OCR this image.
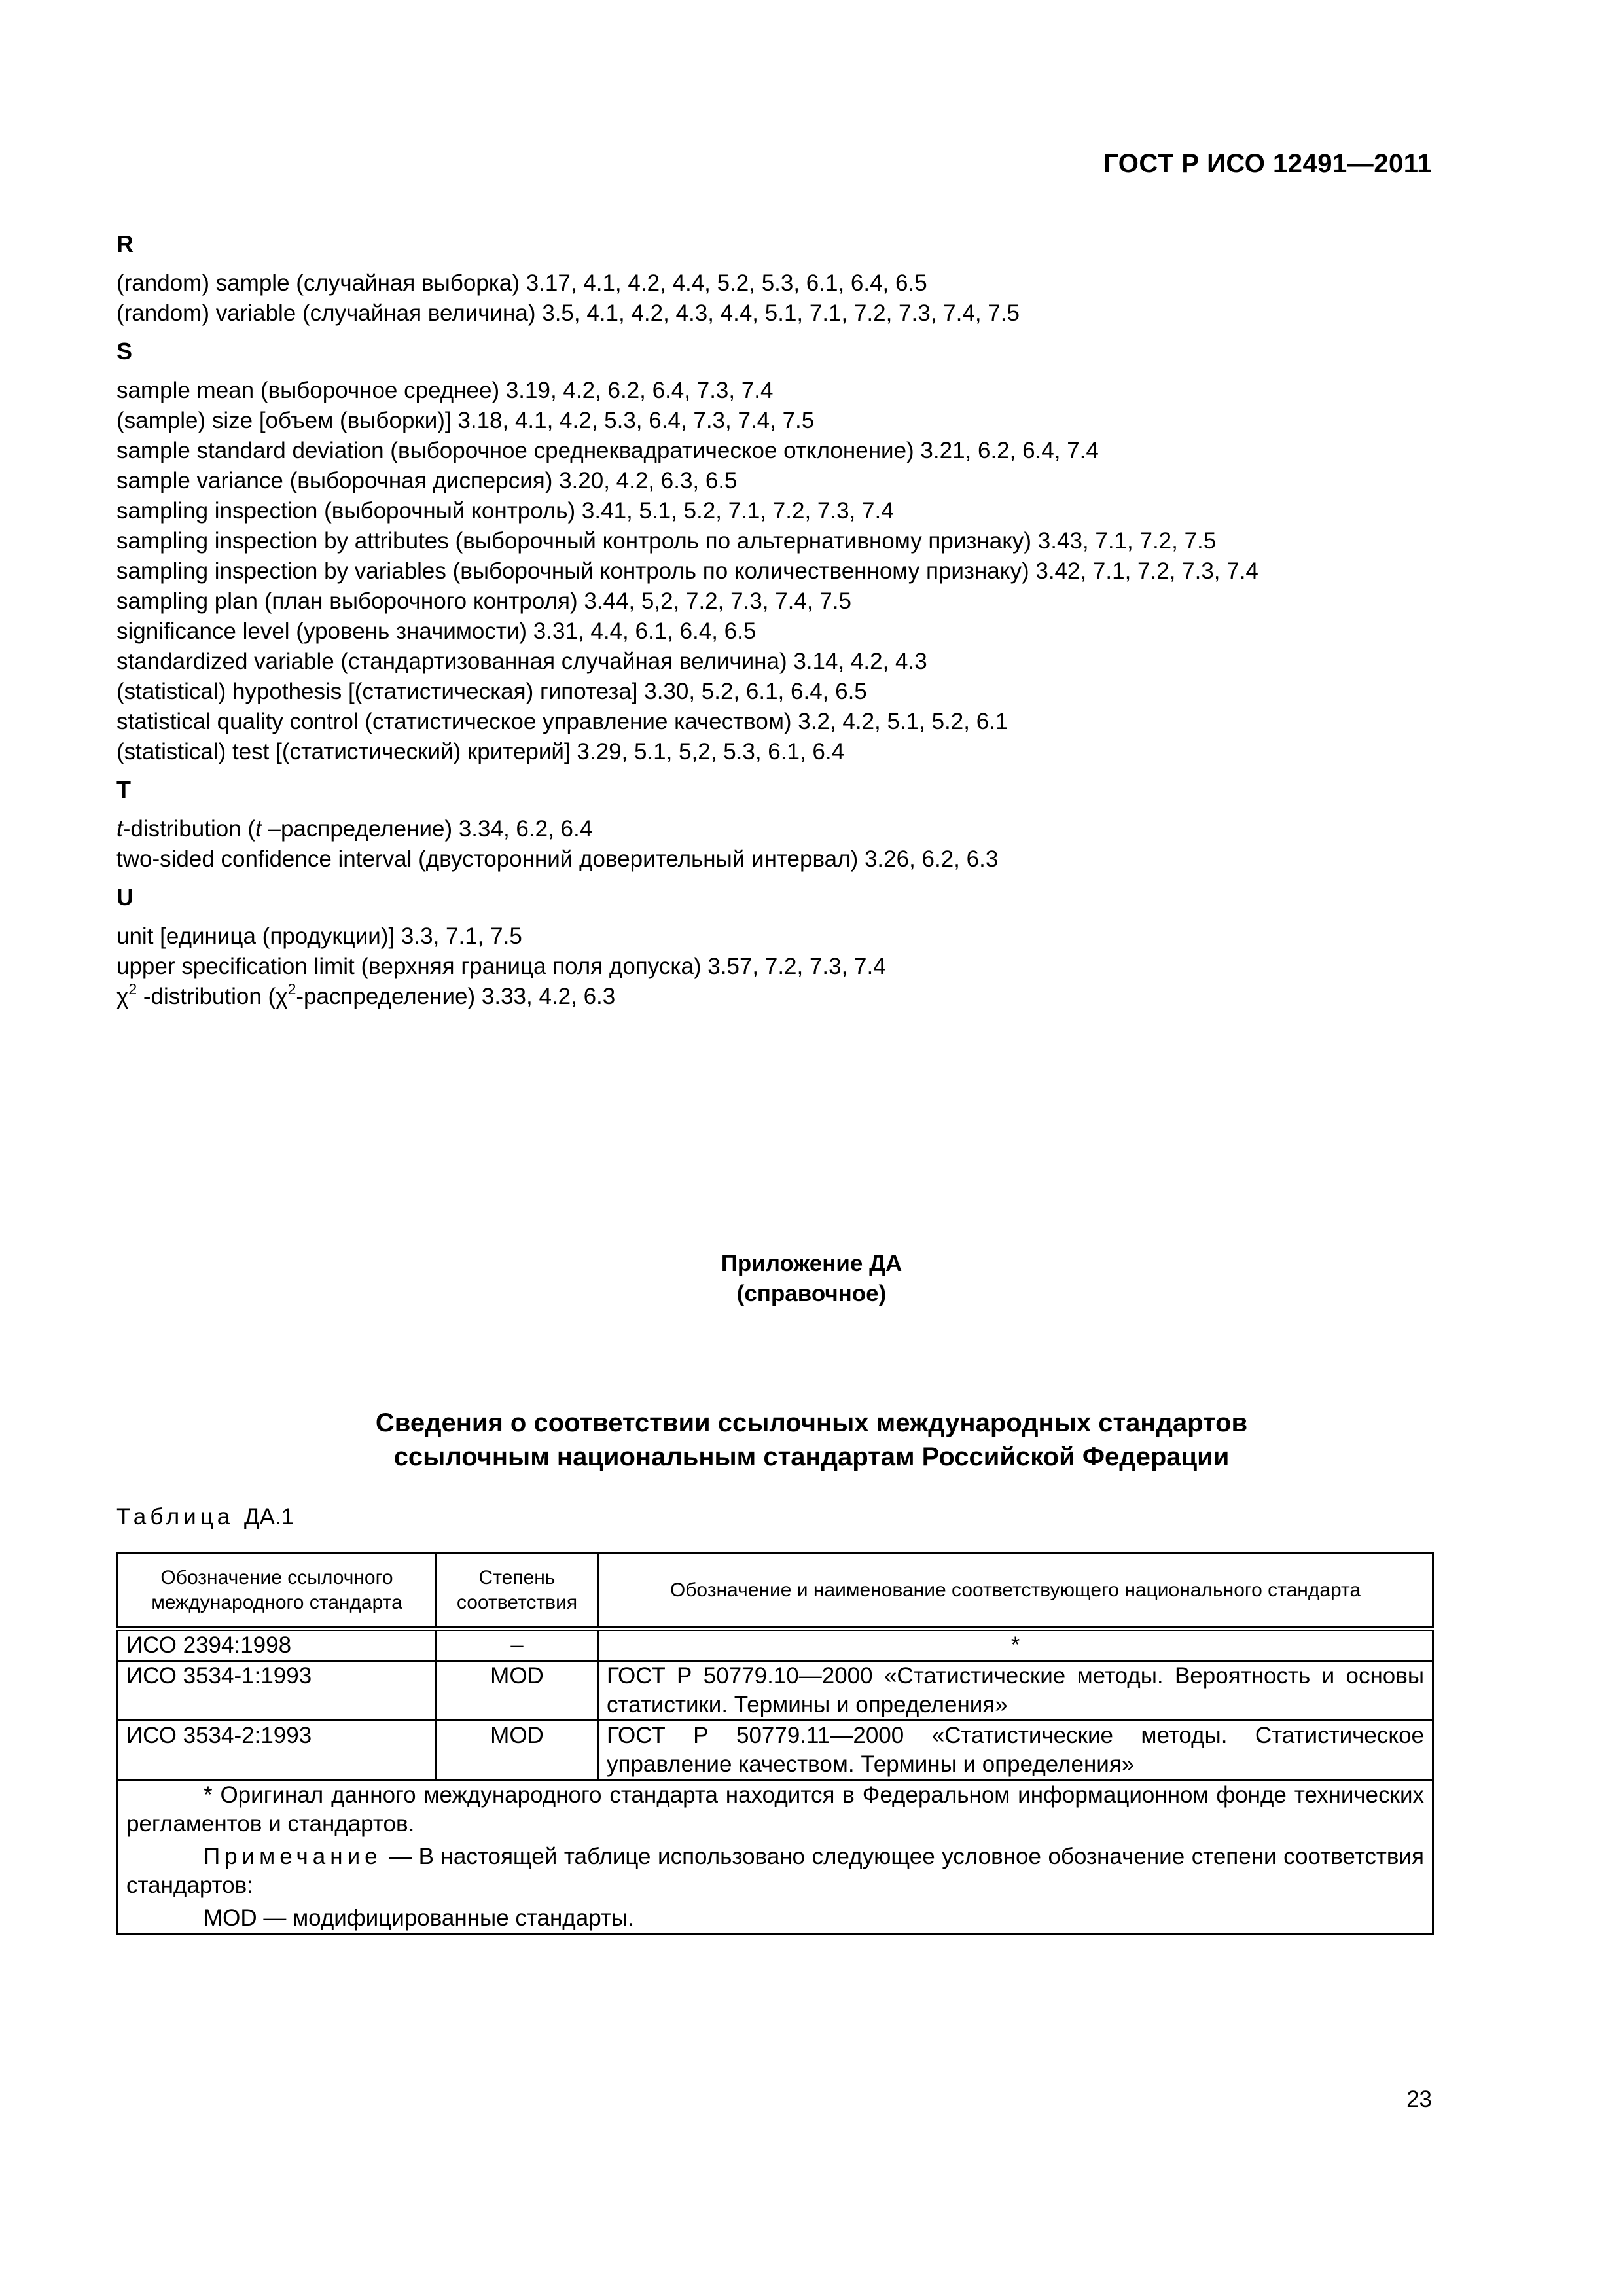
ГОСТ Р ИСО 12491—2011
R
(random) sample (случайная выборка) 3.17, 4.1, 4.2, 4.4, 5.2, 5.3, 6.1, 6.4, 6.5
(random) variable (случайная величина) 3.5, 4.1, 4.2, 4.3, 4.4, 5.1, 7.1, 7.2, 7.3, 7.4, 7.5
S
sample mean (выборочное среднее) 3.19, 4.2, 6.2, 6.4, 7.3, 7.4
(sample) size [объем (выборки)] 3.18, 4.1, 4.2, 5.3, 6.4, 7.3, 7.4, 7.5
sample standard deviation (выборочное среднеквадратическое отклонение) 3.21, 6.2, 6.4, 7.4
sample variance (выборочная дисперсия) 3.20, 4.2, 6.3, 6.5
sampling inspection (выборочный контроль) 3.41, 5.1, 5.2, 7.1, 7.2, 7.3, 7.4
sampling inspection by attributes (выборочный контроль по альтернативному признаку) 3.43, 7.1, 7.2, 7.5
sampling inspection by variables (выборочный контроль по количественному признаку) 3.42, 7.1, 7.2, 7.3, 7.4
sampling plan (план выборочного контроля) 3.44, 5,2, 7.2, 7.3, 7.4, 7.5
significance level (уровень значимости) 3.31, 4.4, 6.1, 6.4, 6.5
standardized variable (стандартизованная случайная величина) 3.14, 4.2, 4.3
(statistical) hypothesis [(статистическая) гипотеза] 3.30, 5.2, 6.1, 6.4, 6.5
statistical quality control (статистическое управление качеством) 3.2, 4.2, 5.1, 5.2, 6.1
(statistical) test [(статистический) критерий] 3.29, 5.1, 5,2, 5.3, 6.1, 6.4
T
t-distribution (t –распределение) 3.34, 6.2, 6.4
two-sided confidence interval (двусторонний доверительный интервал) 3.26, 6.2, 6.3
U
unit [единица (продукции)] 3.3, 7.1, 7.5
upper specification limit (верхняя граница поля допуска) 3.57, 7.2, 7.3, 7.4
$\chi^2$ -distribution $(\chi^2-распределение)$ 3.33, 4.2, 6.3
Приложение ДА
(справочное)
Сведения о соответствии ссылочных международных стандартов
ссылочным национальным стандартам Российской Федерации
Таблица ДА.1
Обозначение ссылочного международного стандарта	Степень соответствия	Обозначение и наименование соответствующего национального стандарта
ИСО 2394:1998	–	*
ИСО 3534-1:1993	MOD	ГОСТ Р 50779.10—2000 «Статистические методы. Вероятность и основы статистики. Термины и определения»
ИСО 3534-2:1993	MOD	ГОСТ Р 50779.11—2000 «Статистические методы. Статистическое управление качеством. Термины и определения»

* Оригинал данного международного стандарта находится в Федеральном информационном фонде технических регламентов и стандартов.

Примечание — В настоящей таблице использовано следующее условное обозначение степени соответствия стандартов:

MOD — модифицированные стандарты.		

23
